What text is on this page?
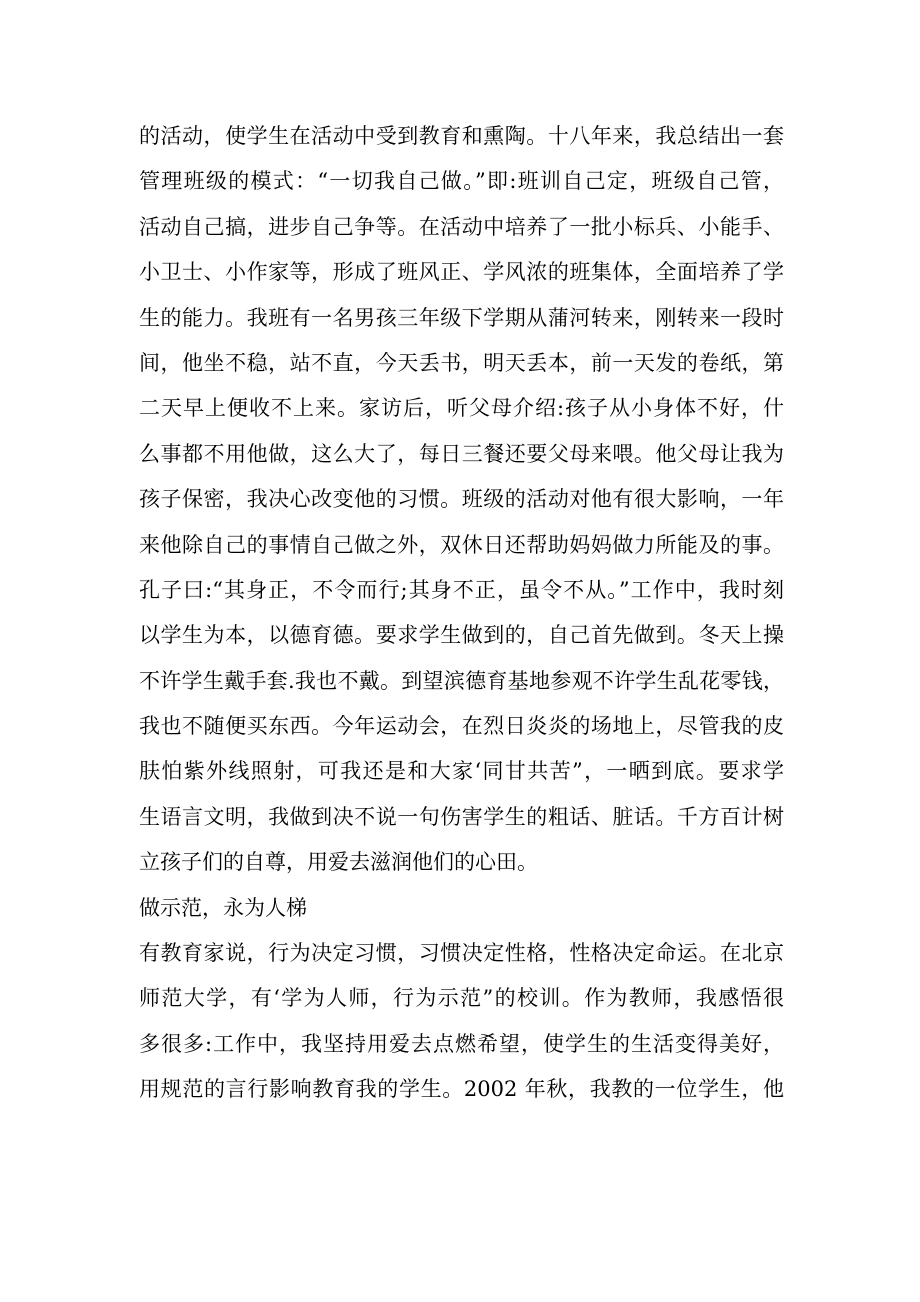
的活动，使学生在活动中受到教育和熏陶。十八年来，我总结出一套
管理班级的模式：“一切我自己做。”即:班训自己定，班级自己管，
活动自己搞，进步自己争等。在活动中培养了一批小标兵、小能手、
小卫士、小作家等，形成了班风正、学风浓的班集体，全面培养了学
生的能力。我班有一名男孩三年级下学期从蒲河转来，刚转来一段时
间，他坐不稳，站不直，今天丢书，明天丢本，前一天发的卷纸，第
二天早上便收不上来。家访后，听父母介绍:孩子从小身体不好，什
么事都不用他做，这么大了，每日三餐还要父母来喂。他父母让我为
孩子保密，我决心改变他的习惯。班级的活动对他有很大影响，一年
来他除自己的事情自己做之外，双休日还帮助妈妈做力所能及的事。
孔子曰:“其身正，不令而行;其身不正，虽令不从。”工作中，我时刻
以学生为本，以德育德。要求学生做到的，自己首先做到。冬天上操
不许学生戴手套.我也不戴。到望滨德育基地参观不许学生乱花零钱，
我也不随便买东西。今年运动会，在烈日炎炎的场地上，尽管我的皮
肤怕紫外线照射，可我还是和大家‘同甘共苦”，一晒到底。要求学
生语言文明，我做到决不说一句伤害学生的粗话、脏话。千方百计树
立孩子们的自尊，用爱去滋润他们的心田。
做示范，永为人梯
有教育家说，行为决定习惯，习惯决定性格，性格决定命运。在北京
师范大学，有‘学为人师，行为示范”的校训。作为教师，我感悟很
多很多:工作中，我坚持用爱去点燃希望，使学生的生活变得美好，
用规范的言行影响教育我的学生。2002 年秋，我教的一位学生，他
